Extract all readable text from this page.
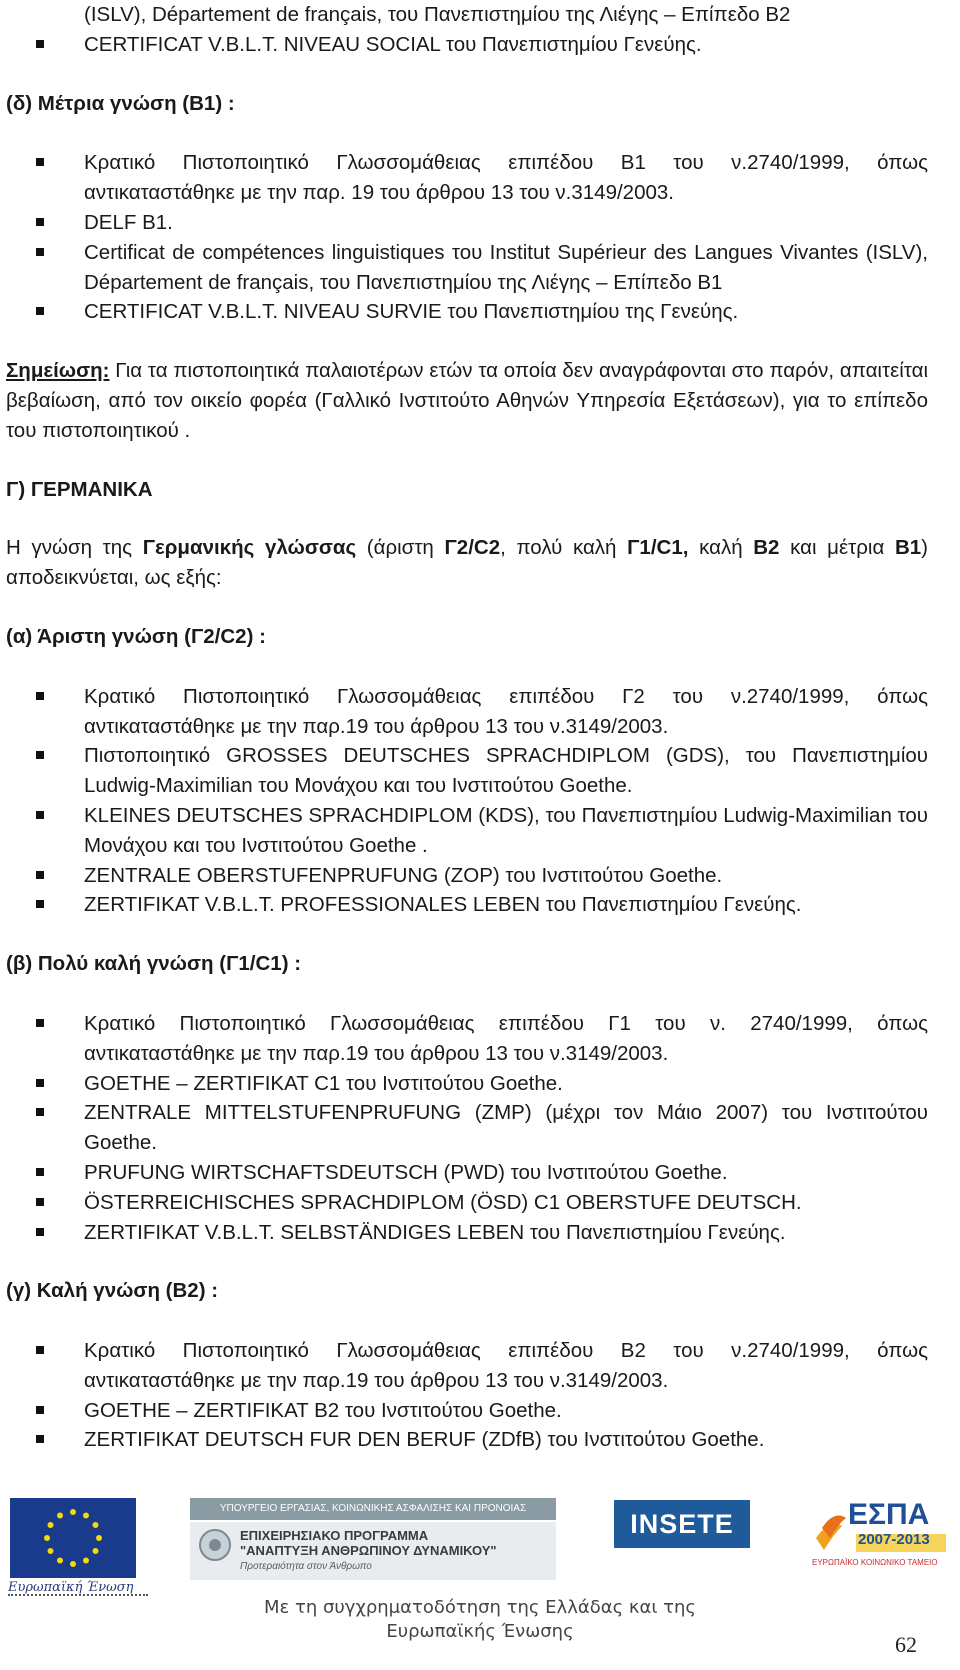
(ISLV), Département de français, του Πανεπιστημίου της Λιέγης – Επίπεδο B2
CERTIFICAT V.B.L.T. NIVEAU SOCIAL του Πανεπιστημίου Γενεύης.
(δ) Μέτρια γνώση (Β1) :
Κρατικό Πιστοποιητικό Γλωσσομάθειας επιπέδου Β1 του ν.2740/1999, όπως αντικαταστάθηκε με την παρ. 19 του άρθρου 13 του ν.3149/2003.
DELF B1.
Certificat de compétences linguistiques του Institut Supérieur des Langues Vivantes (ISLV), Département de français, του Πανεπιστημίου της Λιέγης – Επίπεδο B1
CERTIFICAT V.B.L.T. NIVEAU SURVIE του Πανεπιστημίου της Γενεύης.
Σημείωση: Για τα πιστοποιητικά παλαιοτέρων ετών τα οποία δεν αναγράφονται στο παρόν, απαιτείται βεβαίωση, από τον οικείο φορέα (Γαλλικό Ινστιτούτο Αθηνών Υπηρεσία Εξετάσεων), για το επίπεδο του πιστοποιητικού .
Γ) ΓΕΡΜΑΝΙΚΑ
Η γνώση της Γερμανικής γλώσσας (άριστη Γ2/C2, πολύ καλή Γ1/C1, καλή Β2 και μέτρια Β1) αποδεικνύεται, ως εξής:
(α) Άριστη γνώση (Γ2/C2) :
Κρατικό Πιστοποιητικό Γλωσσομάθειας επιπέδου Γ2 του ν.2740/1999, όπως αντικαταστάθηκε με την παρ.19 του άρθρου 13 του ν.3149/2003.
Πιστοποιητικό GROSSES DEUTSCHES SPRACHDIPLOM (GDS), του Πανεπιστημίου Ludwig-Maximilian του Μονάχου και του Ινστιτούτου Goethe.
KLEINES DEUTSCHES SPRACHDIPLOM (KDS), του Πανεπιστημίου Ludwig-Maximilian του Μονάχου και του Ινστιτούτου Goethe .
ZENTRALE OBERSTUFENPRUFUNG (ZOP) του Ινστιτούτου Goethe.
ZERTIFIKAT V.B.L.T. PROFESSIONALES LEBEN του Πανεπιστημίου Γενεύης.
(β) Πολύ καλή γνώση (Γ1/C1) :
Κρατικό Πιστοποιητικό Γλωσσομάθειας επιπέδου Γ1 του ν. 2740/1999, όπως αντικαταστάθηκε με την παρ.19 του άρθρου 13 του ν.3149/2003.
GOETHE – ZERTIFIKAT C1 του Ινστιτούτου Goethe.
ZENTRALE MITTELSTUFENPRUFUNG (ZMP) (μέχρι τον Μάιο 2007) του Ινστιτούτου Goethe.
PRUFUNG WIRTSCHAFTSDEUTSCH (PWD) του Ινστιτούτου Goethe.
ÖSTERREICHISCHES SPRACHDIPLOM (ÖSD) C1 OBERSTUFE DEUTSCH.
ZERTIFIKAT V.B.L.T. SELBSTÄNDIGES LEBEN του Πανεπιστημίου Γενεύης.
(γ) Καλή γνώση (Β2) :
Κρατικό Πιστοποιητικό Γλωσσομάθειας επιπέδου Β2 του ν.2740/1999, όπως αντικαταστάθηκε με την παρ.19 του άρθρου 13 του ν.3149/2003.
GOETHE – ZERTIFIKAT B2 του Ινστιτούτου Goethe.
ZERTIFIKAT DEUTSCH FUR DEN BERUF (ZDfB) του Ινστιτούτου Goethe.
Ευρωπαϊκή Ένωση
ΥΠΟΥΡΓΕΙΟ ΕΡΓΑΣΙΑΣ, ΚΟΙΝΩΝΙΚΗΣ ΑΣΦΑΛΙΣΗΣ ΚΑΙ ΠΡΟΝΟΙΑΣ
ΕΠΙΧΕΙΡΗΣΙΑΚΟ ΠΡΟΓΡΑΜΜΑ
"ΑΝΑΠΤΥΞΗ ΑΝΘΡΩΠΙΝΟΥ ΔΥΝΑΜΙΚΟΥ"
Προτεραιότητα στον Άνθρωπο
INSETE	ΕΣΠΑ
2007-2013
ΕΥΡΩΠΑΪΚΟ ΚΟΙΝΩΝΙΚΟ ΤΑΜΕΙΟ
Με τη συγχρηματοδότηση της Ελλάδας και της
Ευρωπαϊκής Ένωσης
62
